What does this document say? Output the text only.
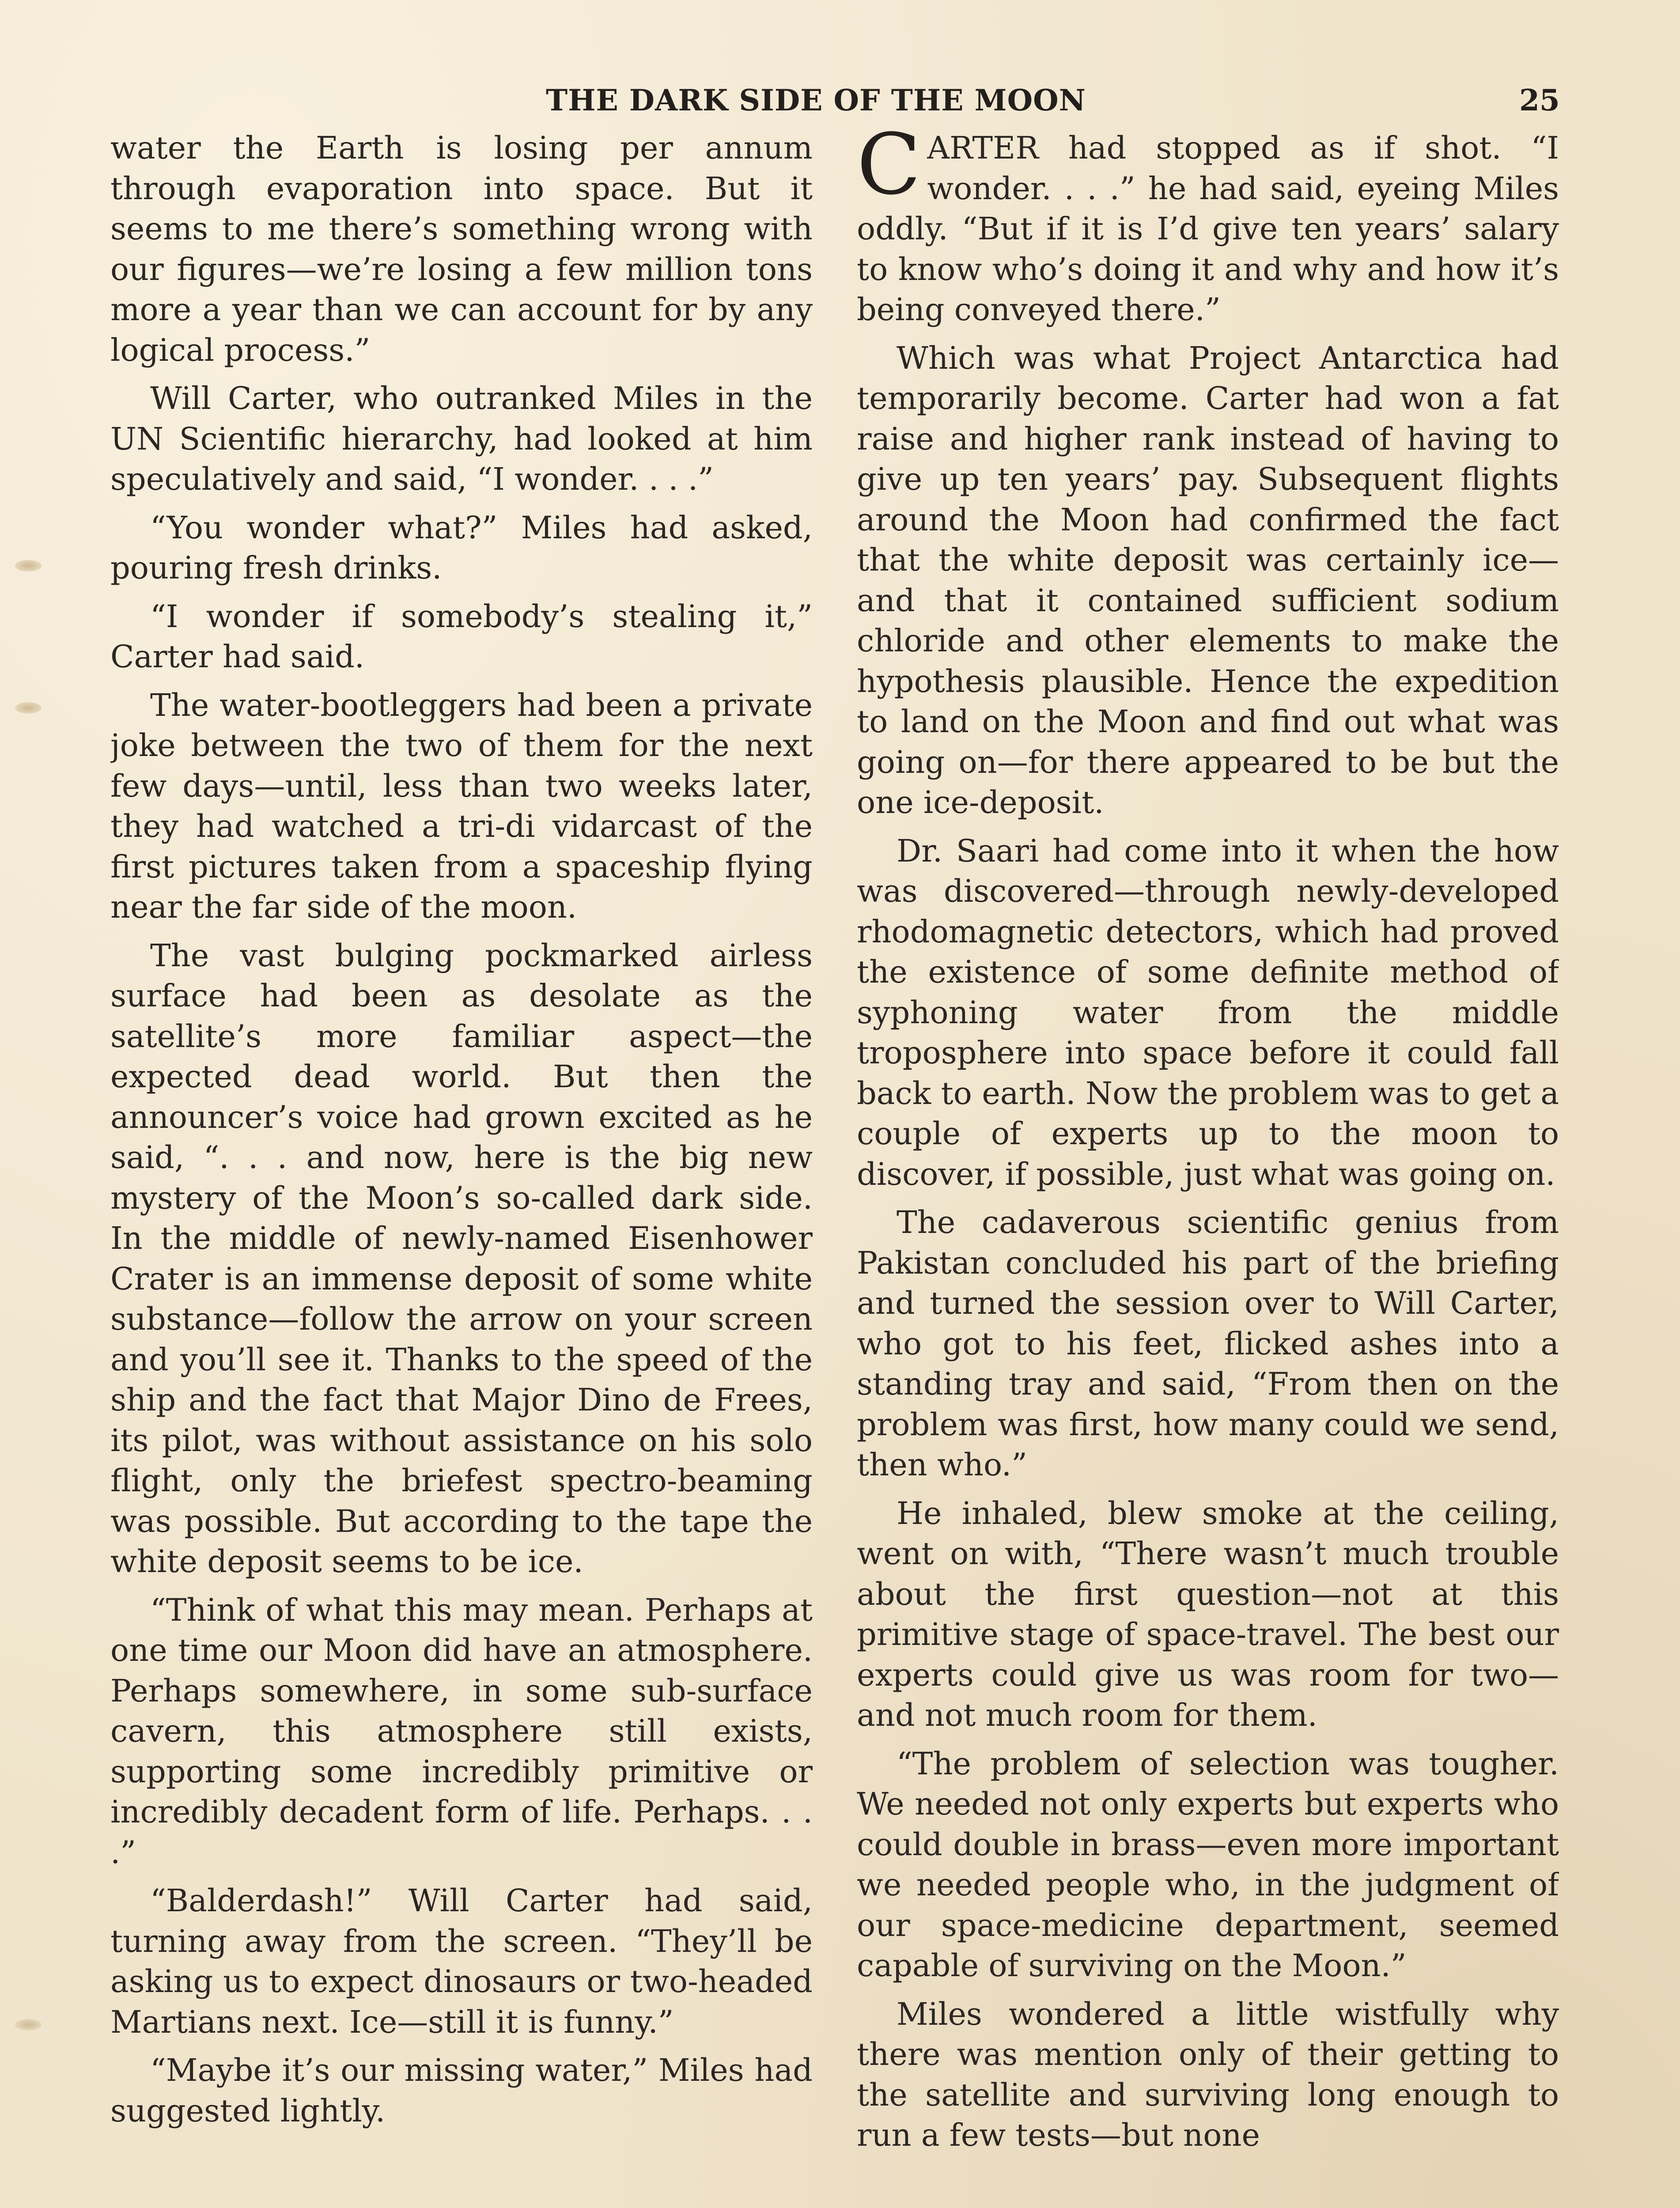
THE DARK SIDE OF THE MOON	25

water the Earth is losing per annum through evaporation into space. But it seems to me there’s something wrong with our figures—we’re losing a few million tons more a year than we can account for by any logical process.”

Will Carter, who outranked Miles in the UN Scientific hierarchy, had looked at him speculatively and said, “I wonder. . . .”

“You wonder what?” Miles had asked, pouring fresh drinks.

“I wonder if somebody’s stealing it,” Carter had said.

The water-bootleggers had been a private joke between the two of them for the next few days—until, less than two weeks later, they had watched a tri-di vidarcast of the first pictures taken from a spaceship flying near the far side of the moon.

The vast bulging pockmarked airless surface had been as desolate as the satellite’s more familiar aspect—the expected dead world. But then the announcer’s voice had grown excited as he said, “. . . and now, here is the big new mystery of the Moon’s so-called dark side. In the middle of newly-named Eisenhower Crater is an immense deposit of some white substance—follow the arrow on your screen and you’ll see it. Thanks to the speed of the ship and the fact that Major Dino de Frees, its pilot, was without assistance on his solo flight, only the briefest spectro-beaming was possible. But according to the tape the white deposit seems to be ice.

“Think of what this may mean. Perhaps at one time our Moon did have an atmosphere. Perhaps somewhere, in some sub-surface cavern, this atmosphere still exists, supporting some incredibly primitive or incredibly decadent form of life. Perhaps. . . .”

“Balderdash!” Will Carter had said, turning away from the screen. “They’ll be asking us to expect dinosaurs or two-headed Martians next. Ice—still it is funny.”

“Maybe it’s our missing water,” Miles had suggested lightly.

CARTER had stopped as if shot. “I wonder. . . .” he had said, eyeing Miles oddly. “But if it is I’d give ten years’ salary to know who’s doing it and why and how it’s being conveyed there.”

Which was what Project Antarctica had temporarily become. Carter had won a fat raise and higher rank instead of having to give up ten years’ pay. Subsequent flights around the Moon had confirmed the fact that the white deposit was certainly ice—and that it contained sufficient sodium chloride and other elements to make the hypothesis plausible. Hence the expedition to land on the Moon and find out what was going on—for there appeared to be but the one ice-deposit.

Dr. Saari had come into it when the how was discovered—through newly-developed rhodomagnetic detectors, which had proved the existence of some definite method of syphoning water from the middle troposphere into space before it could fall back to earth. Now the problem was to get a couple of experts up to the moon to discover, if possible, just what was going on.

The cadaverous scientific genius from Pakistan concluded his part of the briefing and turned the session over to Will Carter, who got to his feet, flicked ashes into a standing tray and said, “From then on the problem was first, how many could we send, then who.”

He inhaled, blew smoke at the ceiling, went on with, “There wasn’t much trouble about the first question—not at this primitive stage of space-travel. The best our experts could give us was room for two—and not much room for them.

“The problem of selection was tougher. We needed not only experts but experts who could double in brass—even more important we needed people who, in the judgment of our space-medicine department, seemed capable of surviving on the Moon.”

Miles wondered a little wistfully why there was mention only of their getting to the satellite and surviving long enough to run a few tests—but none
